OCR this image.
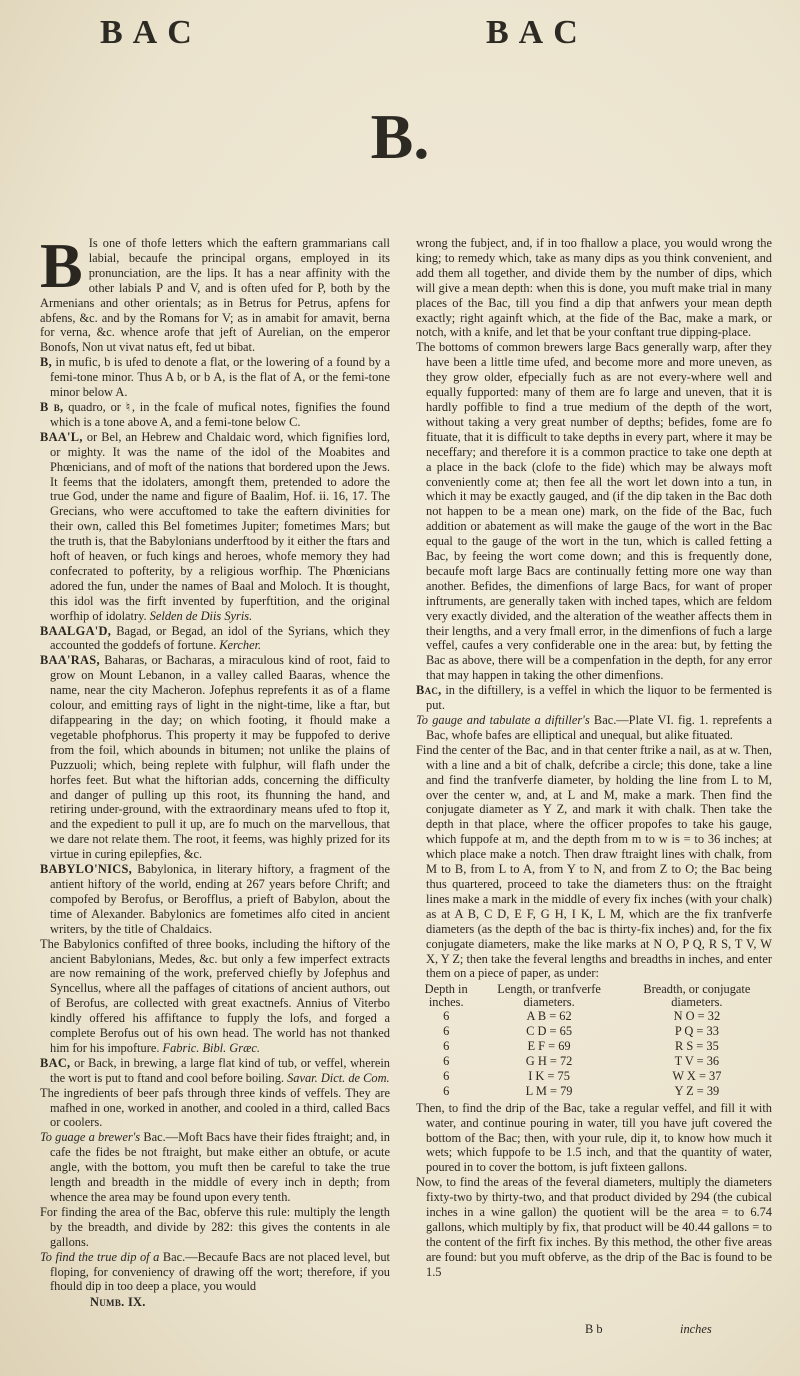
BAC	BAC
B.

B Is one of thofe letters which the eaftern grammarians call labial, becaufe the principal organs, employed in its pronunciation, are the lips. It has a near affinity with the other labials P and V, and is often ufed for P, both by the Armenians and other orientals; as in Betrus for Petrus, apfens for abfens, &c. and by the Romans for V; as in amabit for amavit, berna for verna, &c. whence arofe that jeft of Aurelian, on the emperor Bonofs, Non ut vivat natus eft, fed ut bibat.

B, in mufic, b is ufed to denote a flat, or the lowering of a found by a femi-tone minor. Thus A b, or b A, is the flat of A, or the femi-tone minor below A.

B b, quadro, or ♮, in the fcale of mufical notes, fignifies the found which is a tone above A, and a femi-tone below C.

BAA'L, or Bel, an Hebrew and Chaldaic word, which fignifies lord, or mighty. It was the name of the idol of the Moabites and Phœnicians, and of moft of the nations that bordered upon the Jews. It feems that the idolaters, amongft them, pretended to adore the true God, under the name and figure of Baalim, Hof. ii. 16, 17. The Grecians, who were accuftomed to take the eaftern divinities for their own, called this Bel fometimes Jupiter; fometimes Mars; but the truth is, that the Babylonians underftood by it either the ftars and hoft of heaven, or fuch kings and heroes, whofe memory they had confecrated to pofterity, by a religious worfhip. The Phœnicians adored the fun, under the names of Baal and Moloch. It is thought, this idol was the firft invented by fuperftition, and the original worfhip of idolatry. Selden de Diis Syris.

BAALGA'D, Bagad, or Begad, an idol of the Syrians, which they accounted the goddefs of fortune. Kercher.

BAA'RAS, Baharas, or Bacharas, a miraculous kind of root, faid to grow on Mount Lebanon, in a valley called Baaras, whence the name, near the city Macheron. Jofephus reprefents it as of a flame colour, and emitting rays of light in the night-time, like a ftar, but difappearing in the day; on which footing, it fhould make a vegetable phofphorus. This property it may be fuppofed to derive from the foil, which abounds in bitumen; not unlike the plains of Puzzuoli; which, being replete with fulphur, will flafh under the horfes feet. But what the hiftorian adds, concerning the difficulty and danger of pulling up this root, its fhunning the hand, and retiring under-ground, with the extraordinary means ufed to ftop it, and the expedient to pull it up, are fo much on the marvellous, that we dare not relate them. The root, it feems, was highly prized for its virtue in curing epilepfies, &c.

BABYLO'NICS, Babylonica, in literary hiftory, a fragment of the antient hiftory of the world, ending at 267 years before Chrift; and compofed by Berofus, or Berofflus, a prieft of Babylon, about the time of Alexander. Babylonics are fometimes alfo cited in ancient writers, by the title of Chaldaics.

The Babylonics confifted of three books, including the hiftory of the ancient Babylonians, Medes, &c. but only a few imperfect extracts are now remaining of the work, preferved chiefly by Jofephus and Syncellus, where all the paffages of citations of ancient authors, out of Berofus, are collected with great exactnefs. Annius of Viterbo kindly offered his affiftance to fupply the lofs, and forged a complete Berofus out of his own head. The world has not thanked him for his impofture. Fabric. Bibl. Græc.

BAC, or Back, in brewing, a large flat kind of tub, or veffel, wherein the wort is put to ftand and cool before boiling. Savar. Dict. de Com.

The ingredients of beer pafs through three kinds of veffels. They are mafhed in one, worked in another, and cooled in a third, called Bacs or coolers.

To guage a brewer's Bac.—Moft Bacs have their fides ftraight; and, in cafe the fides be not ftraight, but make either an obtufe, or acute angle, with the bottom, you muft then be careful to take the true length and breadth in the middle of every inch in depth; from whence the area may be found upon every tenth.

For finding the area of the Bac, obferve this rule: multiply the length by the breadth, and divide by 282: this gives the contents in ale gallons.

To find the true dip of a Bac.—Becaufe Bacs are not placed level, but floping, for conveniency of drawing off the wort; therefore, if you fhould dip in too deep a place, you would

Numb. IX.

wrong the fubject, and, if in too fhallow a place, you would wrong the king; to remedy which, take as many dips as you think convenient, and add them all together, and divide them by the number of dips, which will give a mean depth: when this is done, you muft make trial in many places of the Bac, till you find a dip that anfwers your mean depth exactly; right againft which, at the fide of the Bac, make a mark, or notch, with a knife, and let that be your conftant true dipping-place.

The bottoms of common brewers large Bacs generally warp, after they have been a little time ufed, and become more and more uneven, as they grow older, efpecially fuch as are not every-where well and equally fupported: many of them are fo large and uneven, that it is hardly poffible to find a true medium of the depth of the wort, without taking a very great number of depths; befides, fome are fo fituate, that it is difficult to take depths in every part, where it may be neceffary; and therefore it is a common practice to take one depth at a place in the back (clofe to the fide) which may be always moft conveniently come at; then fee all the wort let down into a tun, in which it may be exactly gauged, and (if the dip taken in the Bac doth not happen to be a mean one) mark, on the fide of the Bac, fuch addition or abatement as will make the gauge of the wort in the Bac equal to the gauge of the wort in the tun, which is called fetting a Bac, by feeing the wort come down; and this is frequently done, becaufe moft large Bacs are continually fetting more one way than another. Befides, the dimenfions of large Bacs, for want of proper inftruments, are generally taken with inched tapes, which are feldom very exactly divided, and the alteration of the weather affects them in their lengths, and a very fmall error, in the dimenfions of fuch a large veffel, caufes a very confiderable one in the area: but, by fetting the Bac as above, there will be a compenfation in the depth, for any error that may happen in taking the other dimenfions.

Bac, in the diftillery, is a veffel in which the liquor to be fermented is put.

To gauge and tabulate a diftiller's Bac.—Plate VI. fig. 1. reprefents a Bac, whofe bafes are elliptical and unequal, but alike fituated.

Find the center of the Bac, and in that center ftrike a nail, as at w. Then, with a line and a bit of chalk, defcribe a circle; this done, take a line and find the tranfverfe diameter, by holding the line from L to M, over the center w, and, at L and M, make a mark. Then find the conjugate diameter as Y Z, and mark it with chalk. Then take the depth in that place, where the officer propofes to take his gauge, which fuppofe at m, and the depth from m to w is = to 36 inches; at which place make a notch. Then draw ftraight lines with chalk, from M to B, from L to A, from Y to N, and from Z to O; the Bac being thus quartered, proceed to take the diameters thus: on the ftraight lines make a mark in the middle of every fix inches (with your chalk) as at A B, C D, E F, G H, I K, L M, which are the fix tranfverfe diameters (as the depth of the bac is thirty-fix inches) and, for the fix conjugate diameters, make the like marks at N O, P Q, R S, T V, W X, Y Z; then take the feveral lengths and breadths in inches, and enter them on a piece of paper, as under:

Depth in
inches.	Length, or tranfverfe
diameters.	Breadth, or conjugate
diameters.
6	A B = 62	N O = 32
6	C D = 65	P Q = 33
6	E F = 69	R S = 35
6	G H = 72	T V = 36
6	I K = 75	W X = 37
6	L M = 79	Y Z = 39

Then, to find the drip of the Bac, take a regular veffel, and fill it with water, and continue pouring in water, till you have juft covered the bottom of the Bac; then, with your rule, dip it, to know how much it wets; which fuppofe to be 1.5 inch, and that the quantity of water, poured in to cover the bottom, is juft fixteen gallons.

Now, to find the areas of the feveral diameters, multiply the diameters fixty-two by thirty-two, and that product divided by 294 (the cubical inches in a wine gallon) the quotient will be the area = to 6.74 gallons, which multiply by fix, that product will be 40.44 gallons = to the content of the firft fix inches. By this method, the other five areas are found: but you muft obferve, as the drip of the Bac is found to be 1.5

B b	inches
